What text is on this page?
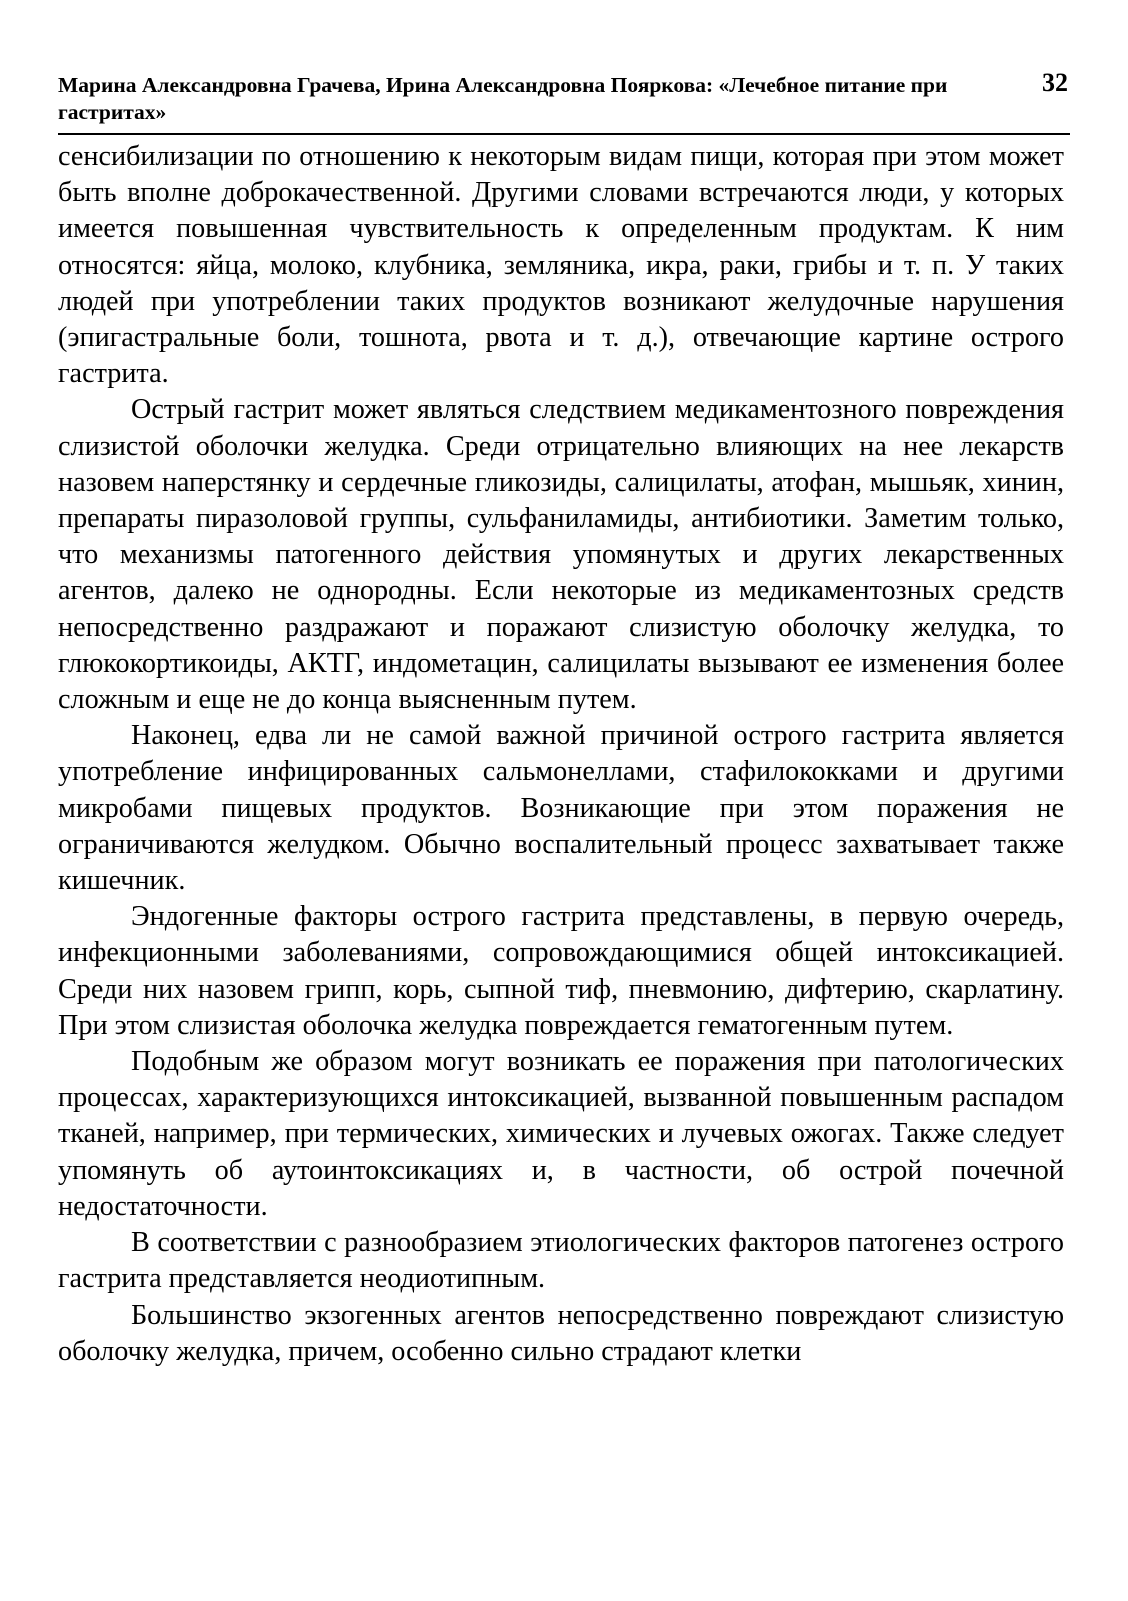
Марина Александровна Грачева, Ирина Александровна Пояркова: «Лечебное питание при гастритах»
32

сенсибилизации по отношению к некоторым видам пищи, которая при этом может быть вполне доброкачественной. Другими словами встречаются люди, у которых имеется повышенная чувствительность к определенным продуктам. К ним относятся: яйца, молоко, клубника, земляника, икра, раки, грибы и т. п. У таких людей при употреблении таких продуктов возникают желудочные нарушения (эпигастральные боли, тошнота, рвота и т. д.), отвечающие картине острого гастрита.

Острый гастрит может являться следствием медикаментозного повреждения слизистой оболочки желудка. Среди отрицательно влияющих на нее лекарств назовем наперстянку и сердечные гликозиды, салицилаты, атофан, мышьяк, хинин, препараты пиразоловой группы, сульфаниламиды, антибиотики. Заметим только, что механизмы патогенного действия упомянутых и других лекарственных агентов, далеко не однородны. Если некоторые из медикаментозных средств непосредственно раздражают и поражают слизистую оболочку желудка, то глюкокортикоиды, АКТГ, индометацин, салицилаты вызывают ее изменения более сложным и еще не до конца выясненным путем.

Наконец, едва ли не самой важной причиной острого гастрита является употребление инфицированных сальмонеллами, стафилококками и другими микробами пищевых продуктов. Возникающие при этом поражения не ограничиваются желудком. Обычно воспалительный процесс захватывает также кишечник.

Эндогенные факторы острого гастрита представлены, в первую очередь, инфекционными заболеваниями, сопровождающимися общей интоксикацией. Среди них назовем грипп, корь, сыпной тиф, пневмонию, дифтерию, скарлатину. При этом слизистая оболочка желудка повреждается гематогенным путем.

Подобным же образом могут возникать ее поражения при патологических процессах, характеризующихся интоксикацией, вызванной повышенным распадом тканей, например, при термических, химических и лучевых ожогах. Также следует упомянуть об аутоинтоксикациях и, в частности, об острой почечной недостаточности.

В соответствии с разнообразием этиологических факторов патогенез острого гастрита представляется неодиотипным.

Большинство экзогенных агентов непосредственно повреждают слизистую оболочку желудка, причем, особенно сильно страдают клетки
